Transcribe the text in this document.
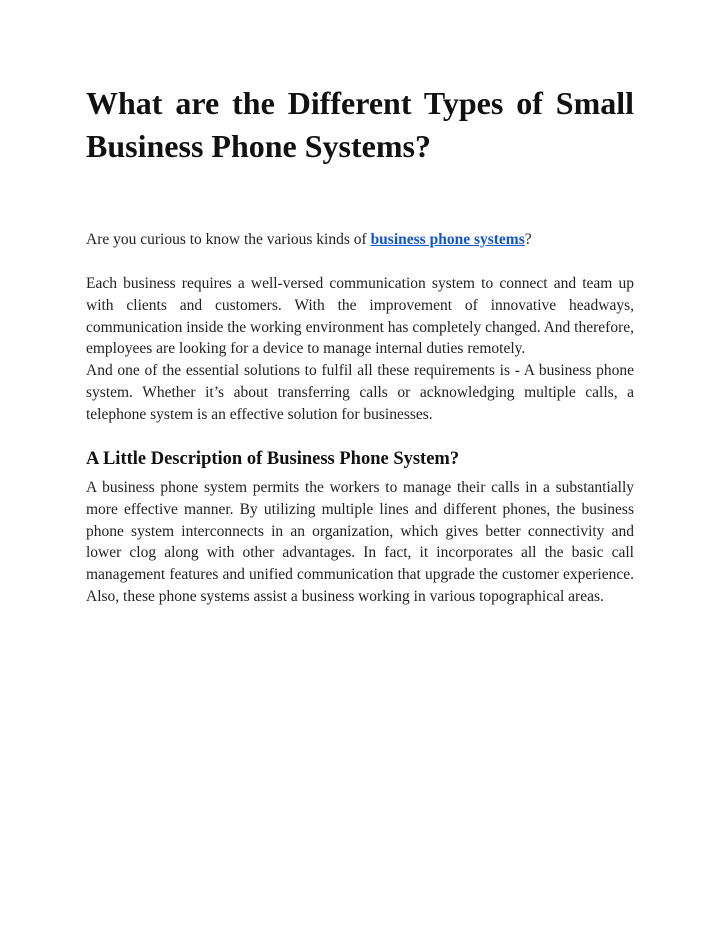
What are the Different Types of Small Business Phone Systems?

Are you curious to know the various kinds of business phone systems?

Each business requires a well-versed communication system to connect and team up with clients and customers. With the improvement of innovative headways, communication inside the working environment has completely changed. And therefore, employees are looking for a device to manage internal duties remotely.
And one of the essential solutions to fulfil all these requirements is - A business phone system. Whether it’s about transferring calls or acknowledging multiple calls, a telephone system is an effective solution for businesses.
A Little Description of Business Phone System?

A business phone system permits the workers to manage their calls in a substantially more effective manner. By utilizing multiple lines and different phones, the business phone system interconnects in an organization, which gives better connectivity and lower clog along with other advantages. In fact, it incorporates all the basic call management features and unified communication that upgrade the customer experience. Also, these phone systems assist a business working in various topographical areas.
